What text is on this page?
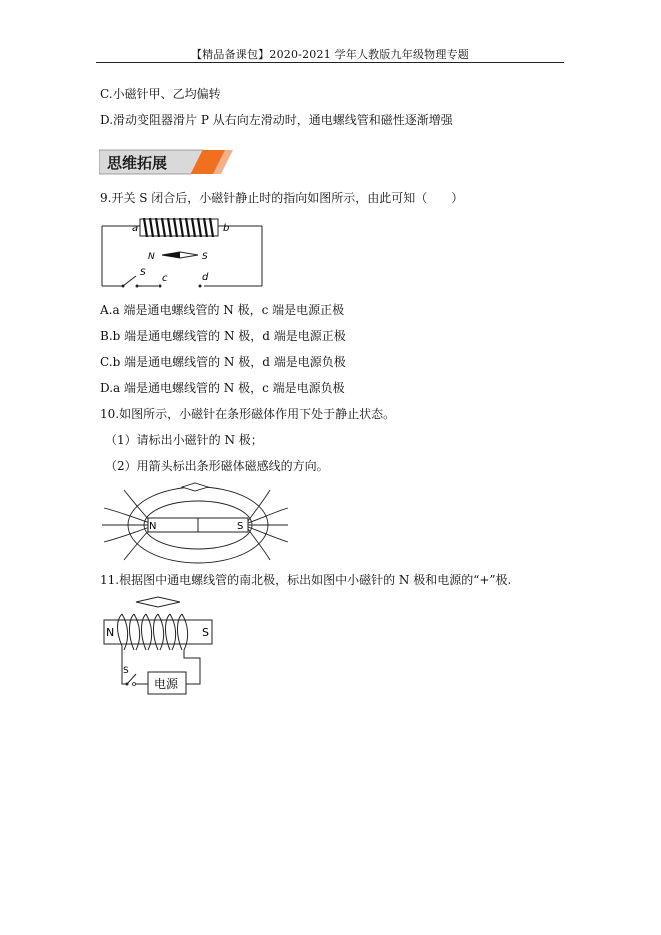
【精品备课包】2020-2021 学年人教版九年级物理专题
C.小磁针甲、乙均偏转
D.滑动变阻器滑片 P 从右向左滑动时，通电螺线管和磁性逐渐增强
思维拓展
9.开关 S 闭合后，小磁针静止时的指向如图所示，由此可知（　　）
a	b
N	S
S c	d
A.a 端是通电螺线管的 N 极，c 端是电源正极
B.b 端是通电螺线管的 N 极，d 端是电源正极
C.b 端是通电螺线管的 N 极，d 端是电源负极
D.a 端是通电螺线管的 N 极，c 端是电源负极
10.如图所示，小磁针在条形磁体作用下处于静止状态。
（1）请标出小磁针的 N 极；
（2）用箭头标出条形磁体磁感线的方向。
N	S
11.根据图中通电螺线管的南北极，标出如图中小磁针的 N 极和电源的“+”极.
N	S
S
电源
